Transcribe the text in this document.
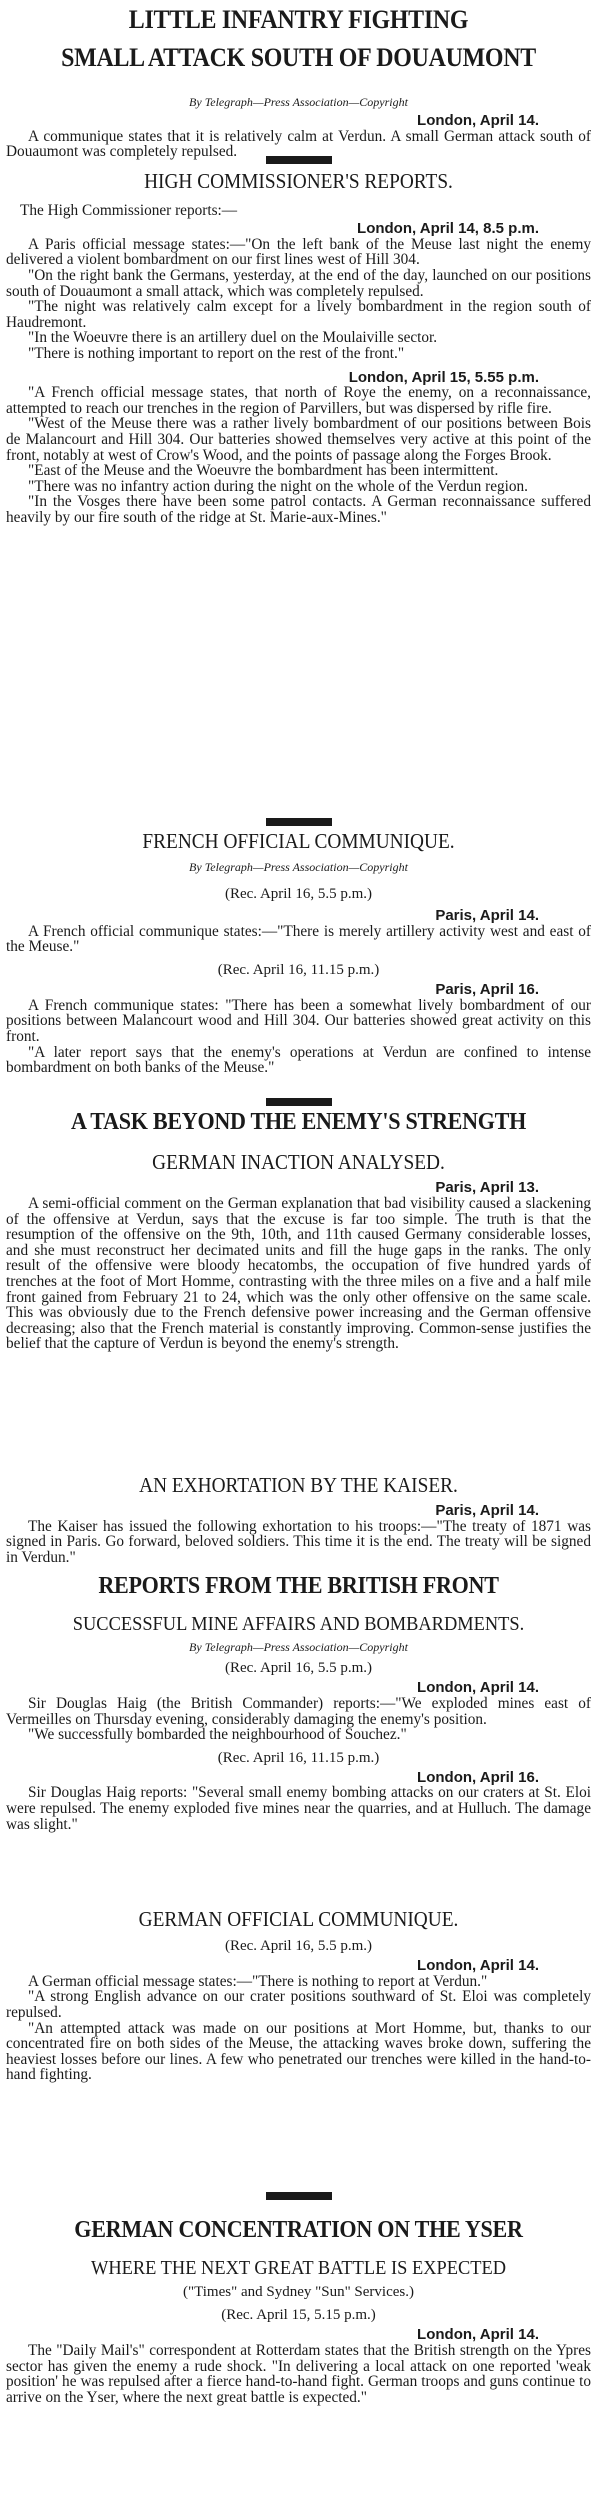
LITTLE INFANTRY FIGHTING
SMALL ATTACK SOUTH OF DOUAUMONT

By Telegraph—Press Association—Copyright

London, April 14.

A communique states that it is relatively calm at Verdun. A small German attack south of Douaumont was completely repulsed.

HIGH COMMISSIONER'S REPORTS.

The High Commissioner reports:—

London, April 14, 8.5 p.m.

A Paris official message states:—"On the left bank of the Meuse last night the enemy delivered a violent bombardment on our first lines west of Hill 304.

"On the right bank the Germans, yesterday, at the end of the day, launched on our positions south of Douaumont a small attack, which was completely repulsed.

"The night was relatively calm except for a lively bombardment in the region south of Haudremont.

"In the Woeuvre there is an artillery duel on the Moulaiville sector.

"There is nothing important to report on the rest of the front."

London, April 15, 5.55 p.m.

"A French official message states, that north of Roye the enemy, on a reconnaissance, attempted to reach our trenches in the region of Parvillers, but was dispersed by rifle fire.

"West of the Meuse there was a rather lively bombardment of our positions between Bois de Malancourt and Hill 304. Our batteries showed themselves very active at this point of the front, notably at west of Crow's Wood, and the points of passage along the Forges Brook.

"East of the Meuse and the Woeuvre the bombardment has been intermittent.

"There was no infantry action during the night on the whole of the Verdun region.

"In the Vosges there have been some patrol contacts. A German reconnaissance suffered heavily by our fire south of the ridge at St. Marie-aux-Mines."

FRENCH OFFICIAL COMMUNIQUE.

By Telegraph—Press Association—Copyright

(Rec. April 16, 5.5 p.m.)

Paris, April 14.

A French official communique states:—"There is merely artillery activity west and east of the Meuse."

(Rec. April 16, 11.15 p.m.)

Paris, April 16.

A French communique states: "There has been a somewhat lively bombardment of our positions between Malancourt wood and Hill 304. Our batteries showed great activity on this front.

"A later report says that the enemy's operations at Verdun are confined to intense bombardment on both banks of the Meuse."

A TASK BEYOND THE ENEMY'S STRENGTH
GERMAN INACTION ANALYSED.

Paris, April 13.

A semi-official comment on the German explanation that bad visibility caused a slackening of the offensive at Verdun, says that the excuse is far too simple. The truth is that the resumption of the offensive on the 9th, 10th, and 11th caused Germany considerable losses, and she must reconstruct her decimated units and fill the huge gaps in the ranks. The only result of the offensive were bloody hecatombs, the occupation of five hundred yards of trenches at the foot of Mort Homme, contrasting with the three miles on a five and a half mile front gained from February 21 to 24, which was the only other offensive on the same scale. This was obviously due to the French defensive power increasing and the German offensive decreasing; also that the French material is constantly improving. Common-sense justifies the belief that the capture of Verdun is beyond the enemy's strength.

AN EXHORTATION BY THE KAISER.

Paris, April 14.

The Kaiser has issued the following exhortation to his troops:—"The treaty of 1871 was signed in Paris. Go forward, beloved soldiers. This time it is the end. The treaty will be signed in Verdun."

REPORTS FROM THE BRITISH FRONT
SUCCESSFUL MINE AFFAIRS AND BOMBARDMENTS.

By Telegraph—Press Association—Copyright

(Rec. April 16, 5.5 p.m.)

London, April 14.

Sir Douglas Haig (the British Commander) reports:—"We exploded mines east of Vermeilles on Thursday evening, considerably damaging the enemy's position.

"We successfully bombarded the neighbourhood of Souchez."

(Rec. April 16, 11.15 p.m.)

London, April 16.

Sir Douglas Haig reports: "Several small enemy bombing attacks on our craters at St. Eloi were repulsed. The enemy exploded five mines near the quarries, and at Hulluch. The damage was slight."

GERMAN OFFICIAL COMMUNIQUE.

(Rec. April 16, 5.5 p.m.)

London, April 14.

A German official message states:—"There is nothing to report at Verdun."

"A strong English advance on our crater positions southward of St. Eloi was completely repulsed.

"An attempted attack was made on our positions at Mort Homme, but, thanks to our concentrated fire on both sides of the Meuse, the attacking waves broke down, suffering the heaviest losses before our lines. A few who penetrated our trenches were killed in the hand-to-hand fighting.

GERMAN CONCENTRATION ON THE YSER
WHERE THE NEXT GREAT BATTLE IS EXPECTED

("Times" and Sydney "Sun" Services.)

(Rec. April 15, 5.15 p.m.)

London, April 14.

The "Daily Mail's" correspondent at Rotterdam states that the British strength on the Ypres sector has given the enemy a rude shock. "In delivering a local attack on one reported 'weak position' he was repulsed after a fierce hand-to-hand fight. German troops and guns continue to arrive on the Yser, where the next great battle is expected."
